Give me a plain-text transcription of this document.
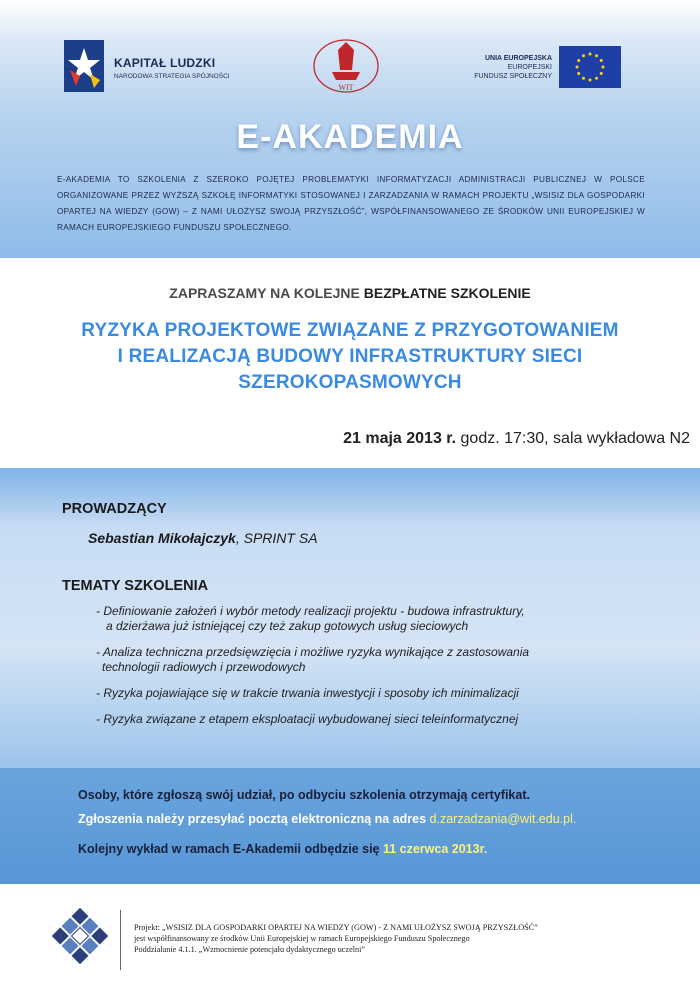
KAPITAŁ LUDZKI
NARODOWA STRATEGIA SPÓJNOŚCI
WIT
UNIA EUROPEJSKA
EUROPEJSKI
FUNDUSZ SPOŁECZNY
E-AKADEMIA
E-AKADEMIA TO SZKOLENIA Z SZEROKO POJĘTEJ PROBLEMATYKI INFORMATYZACJI ADMINISTRACJI PUBLICZNEJ W POLSCE ORGANIZOWANE PRZEZ WYŻSZĄ SZKOŁĘ INFORMATYKI STOSOWANEJ I ZARZADZANIA W RAMACH PROJEKTU „WSISIZ DLA GOSPODARKI OPARTEJ NA WIEDZY (GOW) – Z NAMI UŁOŻYSZ SWOJĄ PRZYSZŁOŚĆ”, WSPÓŁFINANSOWANEGO ZE ŚRODKÓW UNII EUROPEJSKIEJ W RAMACH EUROPEJSKIEGO FUNDUSZU SPOŁECZNEGO.
ZAPRASZAMY NA KOLEJNE BEZPŁATNE SZKOLENIE
RYZYKA PROJEKTOWE ZWIĄZANE Z PRZYGOTOWANIEM
I REALIZACJĄ BUDOWY INFRASTRUKTURY SIECI
SZEROKOPASMOWYCH
21 maja 2013 r. godz. 17:30, sala wykładowa N2
PROWADZĄCY
Sebastian Mikołajczyk, SPRINT SA
TEMATY SZKOLENIA
- Definiowanie założeń i wybór metody realizacji projektu - budowa infrastruktury,
a dzierżawa już istniejącej czy też zakup gotowych usług sieciowych
- Analiza techniczna przedsięwzięcia i możliwe ryzyka wynikające z zastosowania
technologii radiowych i przewodowych
- Ryzyka pojawiające się w trakcie trwania inwestycji i sposoby ich minimalizacji
- Ryzyka związane z etapem eksploatacji wybudowanej sieci teleinformatycznej
Osoby, które zgłoszą swój udział, po odbyciu szkolenia otrzymają certyfikat.
Zgłoszenia należy przesyłać pocztą elektroniczną na adres d.zarzadzania@wit.edu.pl.
Kolejny wykład w ramach E-Akademii odbędzie się 11 czerwca 2013r.
Projekt: „WSISIZ DLA GOSPODARKI OPARTEJ NA WIEDZY (GOW) - Z NAMI UŁOŻYSZ SWOJĄ PRZYSZŁOŚĆ”
jest współfinansowany ze środków Unii Europejskiej w ramach Europejskiego Funduszu Społecznego
Poddziałanie 4.1.1. „Wzmocnienie potencjału dydaktycznego uczelni”
